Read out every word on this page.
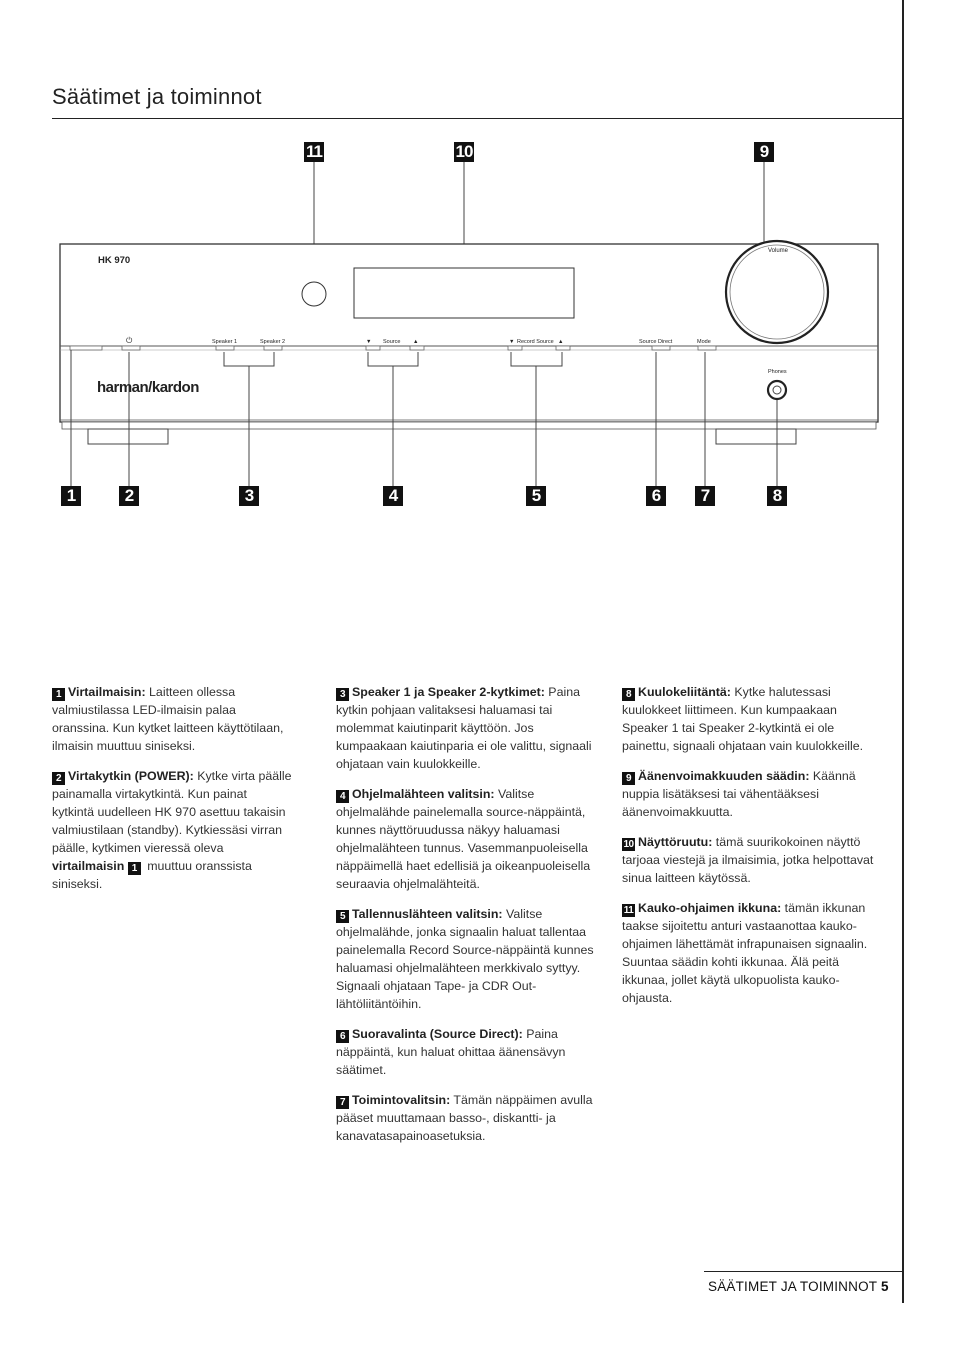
Säätimet ja toiminnot
HK 970
Volume
⏻	Speaker 1	Speaker 2	▼ Source ▲	▼ Record Source ▲	Source Direct	Mode
Phones
harman/kardon
11	10	9
1	2	3	4	5	6	7	8

1 Virtailmaisin: Laitteen ollessa valmiustilassa LED-ilmaisin palaa oranssina. Kun kytket laitteen käyttötilaan, ilmaisin muuttuu siniseksi.

2 Virtakytkin (POWER): Kytke virta päälle painamalla virtakytkintä. Kun painat kytkintä uudelleen HK 970 asettuu takaisin valmiustilaan (standby). Kytkiessäsi virran päälle, kytkimen vieressä oleva virtailmaisin 1 muuttuu oranssista siniseksi.

3 Speaker 1 ja Speaker 2-kytkimet: Paina kytkin pohjaan valitaksesi haluamasi tai molemmat kaiutinparit käyttöön. Jos kumpaakaan kaiutinparia ei ole valittu, signaali ohjataan vain kuulokkeille.

4 Ohjelmalähteen valitsin: Valitse ohjelmalähde painelemalla source-näppäintä, kunnes näyttöruudussa näkyy haluamasi ohjelmalähteen tunnus. Vasemmanpuoleisella näppäimellä haet edellisiä ja oikeanpuoleisella seuraavia ohjelmalähteitä.

5 Tallennuslähteen valitsin: Valitse ohjelmalähde, jonka signaalin haluat tallentaa painelemalla Record Source-näppäintä kunnes haluamasi ohjelmalähteen merkkivalo syttyy. Signaali ohjataan Tape- ja CDR Out-lähtöliitäntöihin.

6 Suoravalinta (Source Direct): Paina näppäintä, kun haluat ohittaa äänensävyn säätimet.

7 Toimintovalitsin: Tämän näppäimen avulla pääset muuttamaan basso-, diskantti- ja kanavatasapainoasetuksia.

8 Kuulokeliitäntä: Kytke halutessasi kuulokkeet liittimeen. Kun kumpaakaan Speaker 1 tai Speaker 2-kytkintä ei ole painettu, signaali ohjataan vain kuulokkeille.

9 Äänenvoimakkuuden säädin: Käännä nuppia lisätäksesi tai vähentääksesi äänenvoimakkuutta.

10 Näyttöruutu: tämä suurikokoinen näyttö tarjoaa viestejä ja ilmaisimia, jotka helpottavat sinua laitteen käytössä.

11 Kauko-ohjaimen ikkuna: tämän ikkunan taakse sijoitettu anturi vastaanottaa kauko-ohjaimen lähettämät infrapunaisen signaalin. Suuntaa säädin kohti ikkunaa. Älä peitä ikkunaa, jollet käytä ulkopuolista kauko-ohjausta.

SÄÄTIMET JA TOIMINNOT 5
